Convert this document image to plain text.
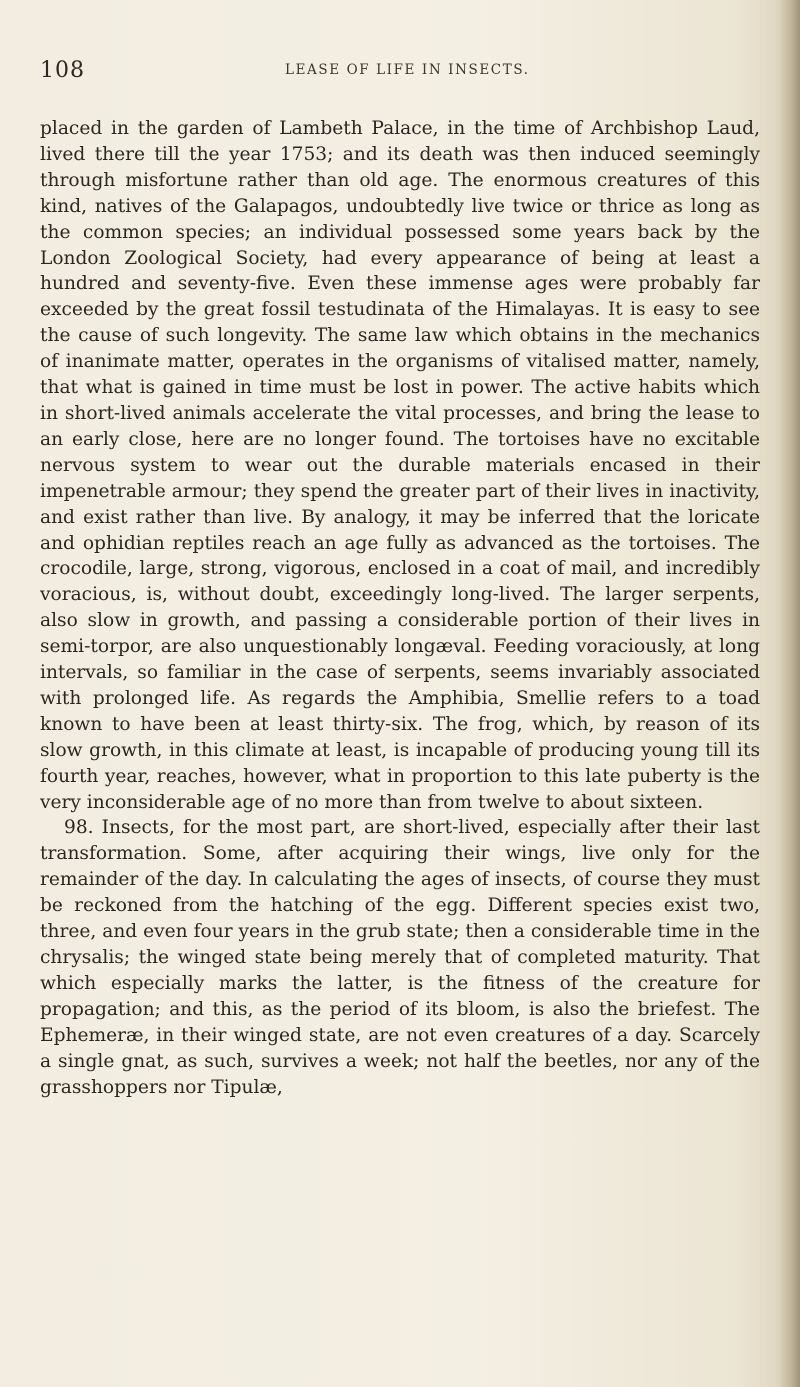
108	LEASE OF LIFE IN INSECTS.

placed in the garden of Lambeth Palace, in the time of Archbishop Laud, lived there till the year 1753; and its death was then induced seemingly through misfortune rather than old age. The enormous creatures of this kind, natives of the Galapagos, undoubtedly live twice or thrice as long as the common species; an individual possessed some years back by the London Zoological Society, had every appearance of being at least a hundred and seventy-five. Even these immense ages were probably far exceeded by the great fossil testudinata of the Himalayas. It is easy to see the cause of such longevity. The same law which obtains in the mechanics of inanimate matter, operates in the organisms of vitalised matter, namely, that what is gained in time must be lost in power. The active habits which in short-lived animals accelerate the vital processes, and bring the lease to an early close, here are no longer found. The tortoises have no excitable nervous system to wear out the durable materials encased in their impenetrable armour; they spend the greater part of their lives in inactivity, and exist rather than live. By analogy, it may be inferred that the loricate and ophidian reptiles reach an age fully as advanced as the tortoises. The crocodile, large, strong, vigorous, enclosed in a coat of mail, and incredibly voracious, is, without doubt, exceedingly long-lived. The larger serpents, also slow in growth, and passing a considerable portion of their lives in semi-torpor, are also unquestionably longæval. Feeding voraciously, at long intervals, so familiar in the case of serpents, seems invariably associated with prolonged life. As regards the Amphibia, Smellie refers to a toad known to have been at least thirty-six. The frog, which, by reason of its slow growth, in this climate at least, is incapable of producing young till its fourth year, reaches, however, what in proportion to this late puberty is the very inconsiderable age of no more than from twelve to about sixteen.

98. Insects, for the most part, are short-lived, especially after their last transformation. Some, after acquiring their wings, live only for the remainder of the day. In calculating the ages of insects, of course they must be reckoned from the hatching of the egg. Different species exist two, three, and even four years in the grub state; then a considerable time in the chrysalis; the winged state being merely that of completed maturity. That which especially marks the latter, is the fitness of the creature for propagation; and this, as the period of its bloom, is also the briefest. The Ephemeræ, in their winged state, are not even creatures of a day. Scarcely a single gnat, as such, survives a week; not half the beetles, nor any of the grasshoppers nor Tipulæ,
